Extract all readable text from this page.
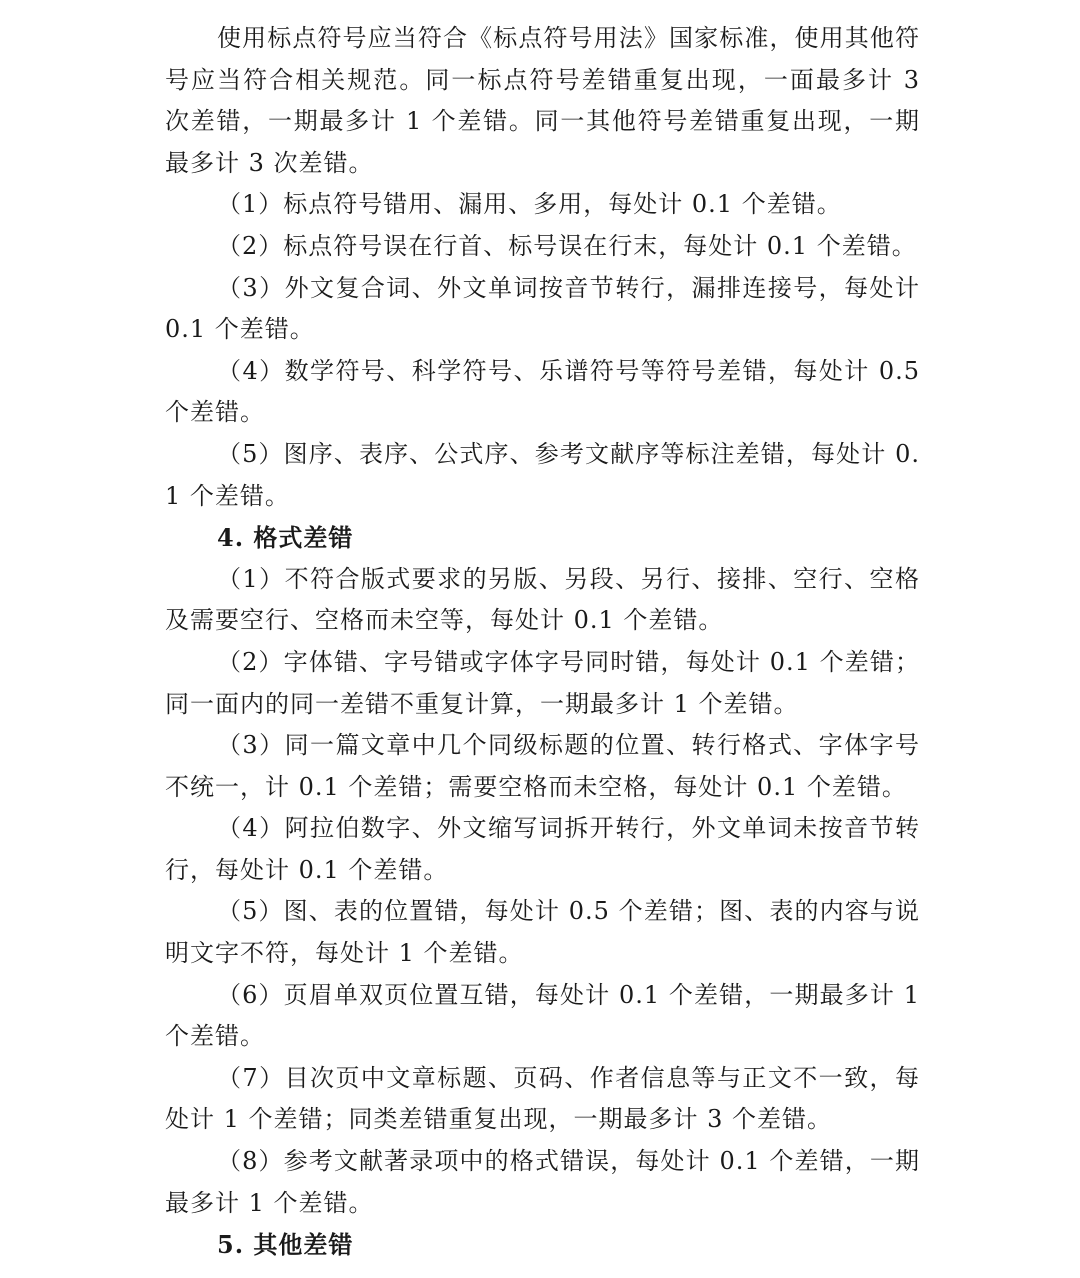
使用标点符号应当符合《标点符号用法》国家标准，使用其他符号应当符合相关规范。同一标点符号差错重复出现，一面最多计 3 次差错，一期最多计 1 个差错。同一其他符号差错重复出现，一期最多计 3 次差错。

（1）标点符号错用、漏用、多用，每处计 0.1 个差错。

（2）标点符号误在行首、标号误在行末，每处计 0.1 个差错。

（3）外文复合词、外文单词按音节转行，漏排连接号，每处计 0.1 个差错。

（4）数学符号、科学符号、乐谱符号等符号差错，每处计 0.5 个差错。

（5）图序、表序、公式序、参考文献序等标注差错，每处计 0.1 个差错。

4. 格式差错

（1）不符合版式要求的另版、另段、另行、接排、空行、空格及需要空行、空格而未空等，每处计 0.1 个差错。

（2）字体错、字号错或字体字号同时错，每处计 0.1 个差错；同一面内的同一差错不重复计算，一期最多计 1 个差错。

（3）同一篇文章中几个同级标题的位置、转行格式、字体字号不统一，计 0.1 个差错；需要空格而未空格，每处计 0.1 个差错。

（4）阿拉伯数字、外文缩写词拆开转行，外文单词未按音节转行，每处计 0.1 个差错。

（5）图、表的位置错，每处计 0.5 个差错；图、表的内容与说明文字不符，每处计 1 个差错。

（6）页眉单双页位置互错，每处计 0.1 个差错，一期最多计 1 个差错。

（7）目次页中文章标题、页码、作者信息等与正文不一致，每处计 1 个差错；同类差错重复出现，一期最多计 3 个差错。

（8）参考文献著录项中的格式错误，每处计 0.1 个差错，一期最多计 1 个差错。

5. 其他差错
